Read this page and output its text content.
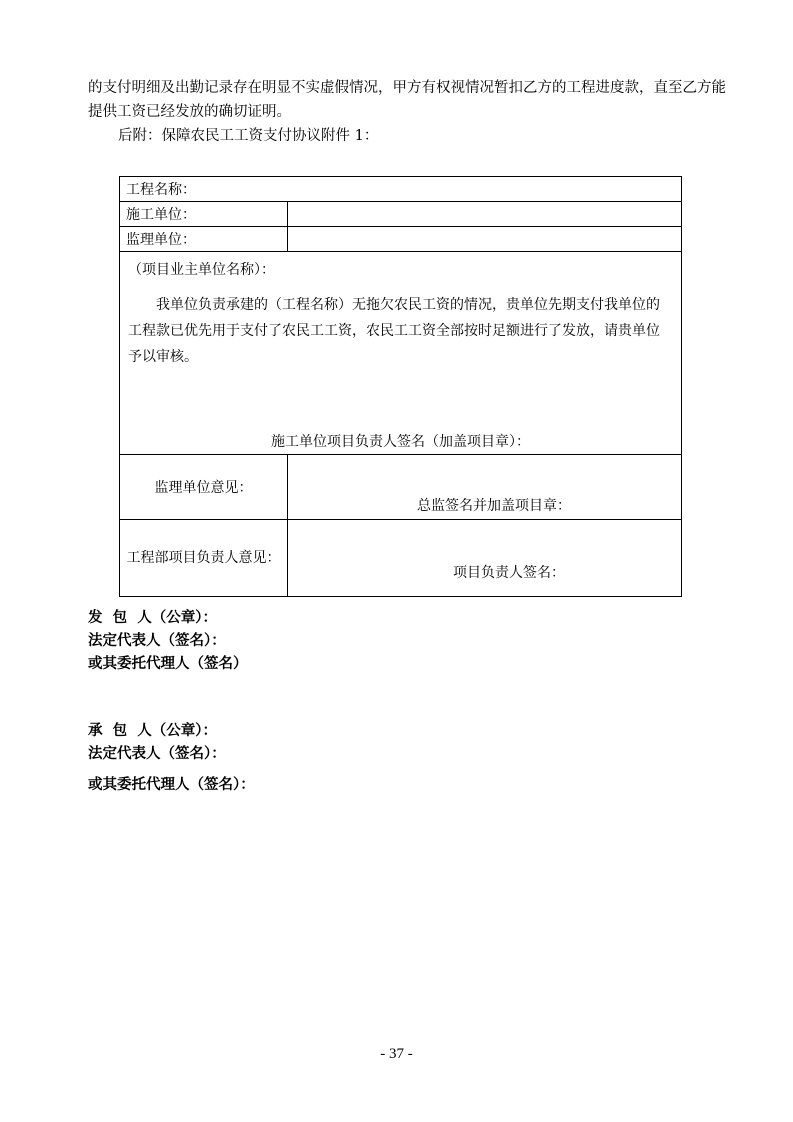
的支付明细及出勤记录存在明显不实虚假情况，甲方有权视情况暂扣乙方的工程进度款，直至乙方能提供工资已经发放的确切证明。
后附：保障农民工工资支付协议附件 1：
工程名称：	
施工单位：	
监理单位：	

（项目业主单位名称）：
我单位负责承建的（工程名称）无拖欠农民工资的情况，贵单位先期支付我单位的工程款已优先用于支付了农民工工资，农民工工资全部按时足额进行了发放，请贵单位予以审核。
施工单位项目负责人签名（加盖项目章）：	

监理单位意见：	总监签名并加盖项目章：

工程部项目负责人意见：	项目负责人签名：
发  包  人（公章）：
法定代表人（签名）：
或其委托代理人（签名）
承  包  人（公章）：
法定代表人（签名）：
或其委托代理人（签名）：
- 37 -
